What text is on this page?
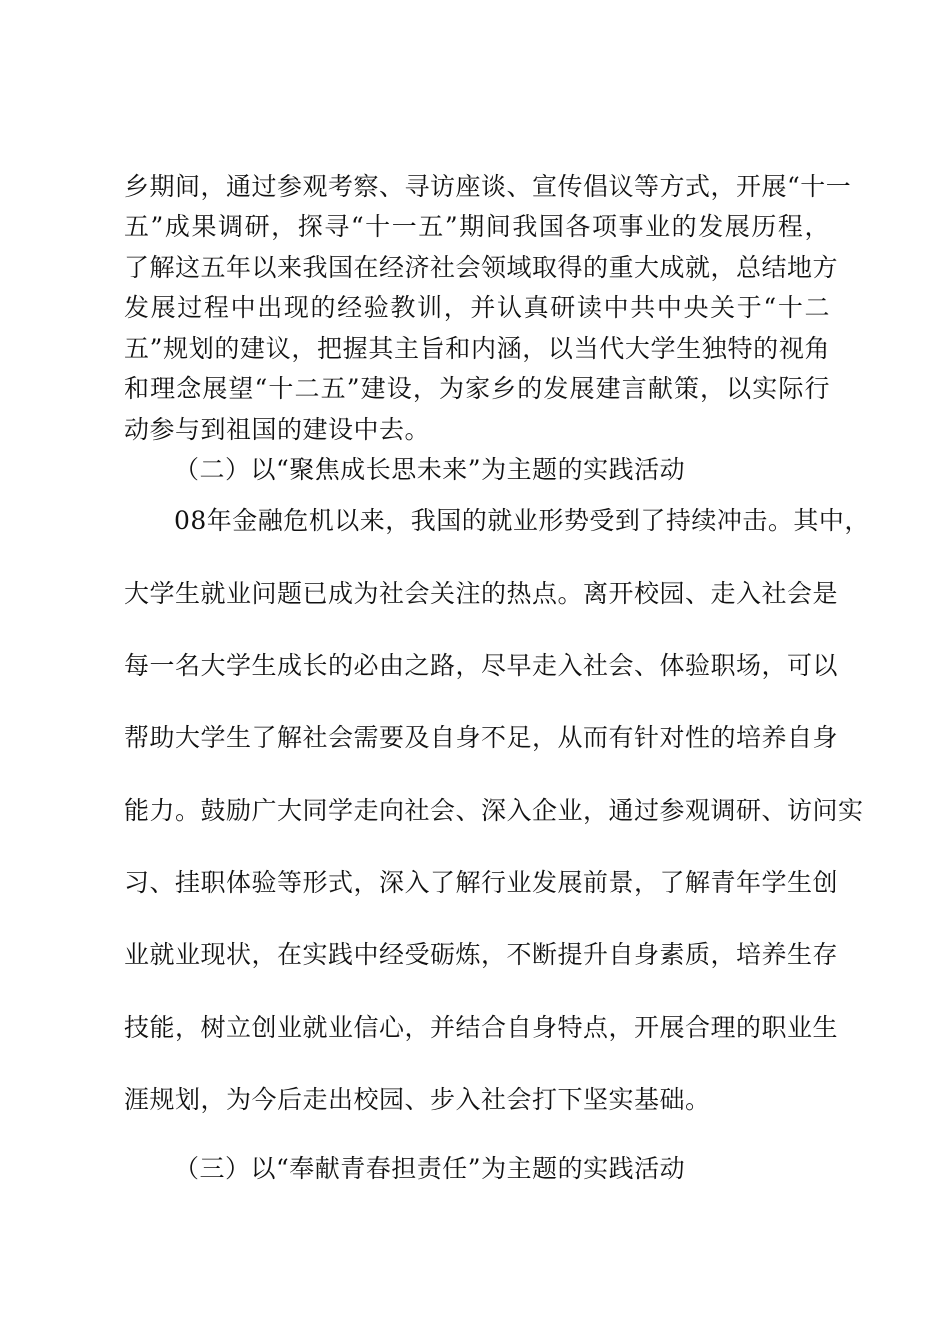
乡期间，通过参观考察、寻访座谈、宣传倡议等方式，开展“十一
五”成果调研，探寻“十一五”期间我国各项事业的发展历程，
了解这五年以来我国在经济社会领域取得的重大成就，总结地方
发展过程中出现的经验教训，并认真研读中共中央关于“十二
五”规划的建议，把握其主旨和内涵，以当代大学生独特的视角
和理念展望“十二五”建设，为家乡的发展建言献策，以实际行
动参与到祖国的建设中去。
（二）以“聚焦成长思未来”为主题的实践活动
08年金融危机以来，我国的就业形势受到了持续冲击。其中，
大学生就业问题已成为社会关注的热点。离开校园、走入社会是
每一名大学生成长的必由之路，尽早走入社会、体验职场，可以
帮助大学生了解社会需要及自身不足，从而有针对性的培养自身
能力。鼓励广大同学走向社会、深入企业，通过参观调研、访问实
习、挂职体验等形式，深入了解行业发展前景，了解青年学生创
业就业现状，在实践中经受砺炼，不断提升自身素质，培养生存
技能，树立创业就业信心，并结合自身特点，开展合理的职业生
涯规划，为今后走出校园、步入社会打下坚实基础。
（三）以“奉献青春担责任”为主题的实践活动
